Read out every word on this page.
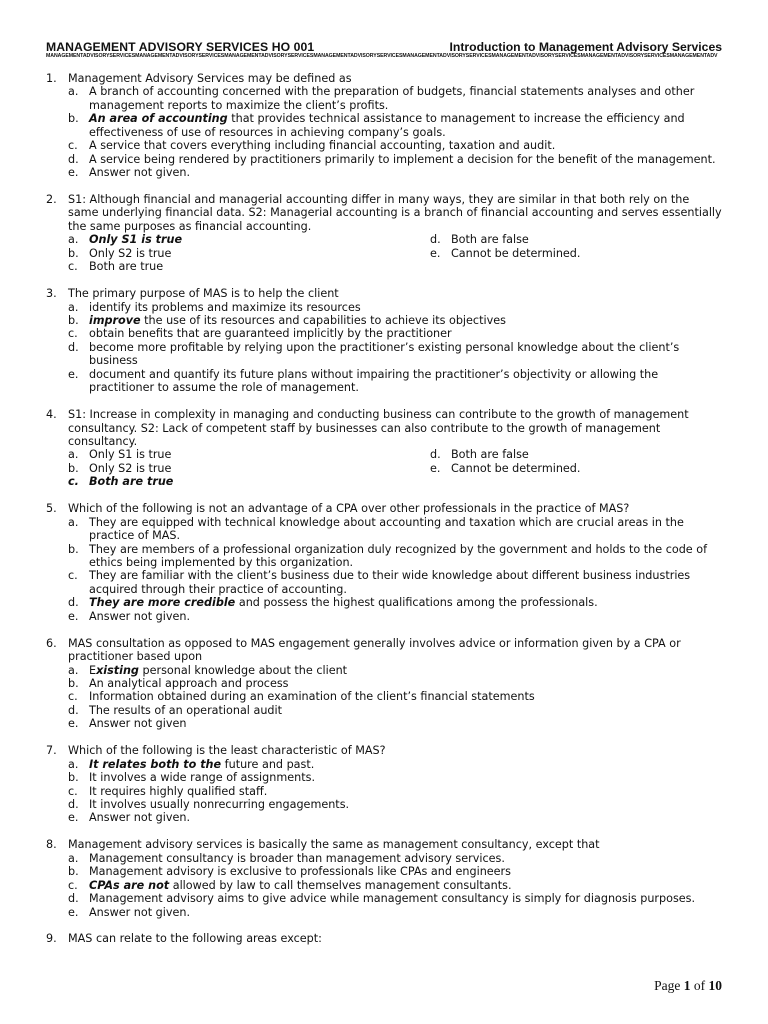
MANAGEMENT ADVISORY SERVICES HO 001	Introduction to Management Advisory Services
MANAGEMENTADVISORYSERVICESMANAGEMENTADVISORYSERVICESMANAGEMENTADVISORYSERVICESMANAGEMENTADVISORYSERVICESMANAGEMENTADVISORYSERVICESMANAGEMENTADVISORYSERVICESMANAGEMENTADVISORYSERVICESMANAGEMENTADV
1. Management Advisory Services may be defined as
a. A branch of accounting concerned with the preparation of budgets, financial statements analyses and other management reports to maximize the client’s profits.
b. An area of accounting that provides technical assistance to management to increase the efficiency and effectiveness of use of resources in achieving company’s goals.
c. A service that covers everything including financial accounting, taxation and audit.
d. A service being rendered by practitioners primarily to implement a decision for the benefit of the management.
e. Answer not given.
2. S1: Although financial and managerial accounting differ in many ways, they are similar in that both rely on the same underlying financial data. S2: Managerial accounting is a branch of financial accounting and serves essentially the same purposes as financial accounting.
a. Only S1 is true	d. Both are false
b. Only S2 is true	e. Cannot be determined.
c. Both are true
3. The primary purpose of MAS is to help the client
a. identify its problems and maximize its resources
b. improve the use of its resources and capabilities to achieve its objectives
c. obtain benefits that are guaranteed implicitly by the practitioner
d. become more profitable by relying upon the practitioner’s existing personal knowledge about the client’s business
e. document and quantify its future plans without impairing the practitioner’s objectivity or allowing the practitioner to assume the role of management.
4. S1: Increase in complexity in managing and conducting business can contribute to the growth of management consultancy. S2: Lack of competent staff by businesses can also contribute to the growth of management consultancy.
a. Only S1 is true	d. Both are false
b. Only S2 is true	e. Cannot be determined.
c. Both are true
5. Which of the following is not an advantage of a CPA over other professionals in the practice of MAS?
a. They are equipped with technical knowledge about accounting and taxation which are crucial areas in the practice of MAS.
b. They are members of a professional organization duly recognized by the government and holds to the code of ethics being implemented by this organization.
c. They are familiar with the client’s business due to their wide knowledge about different business industries acquired through their practice of accounting.
d. They are more credible and possess the highest qualifications among the professionals.
e. Answer not given.
6. MAS consultation as opposed to MAS engagement generally involves advice or information given by a CPA or practitioner based upon
a. Existing personal knowledge about the client
b. An analytical approach and process
c. Information obtained during an examination of the client’s financial statements
d. The results of an operational audit
e. Answer not given
7. Which of the following is the least characteristic of MAS?
a. It relates both to the future and past.
b. It involves a wide range of assignments.
c. It requires highly qualified staff.
d. It involves usually nonrecurring engagements.
e. Answer not given.
8. Management advisory services is basically the same as management consultancy, except that
a. Management consultancy is broader than management advisory services.
b. Management advisory is exclusive to professionals like CPAs and engineers
c. CPAs are not allowed by law to call themselves management consultants.
d. Management advisory aims to give advice while management consultancy is simply for diagnosis purposes.
e. Answer not given.
9. MAS can relate to the following areas except:
Page 1 of 10
